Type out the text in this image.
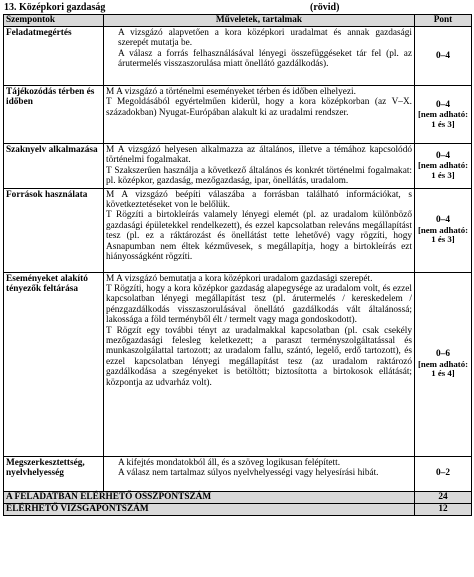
13. Középkori gazdaság	(rövid)
Szempontok	Műveletek, tartalmak	Pont
Feladatmegértés	A vizsgázó alapvetően a kora középkori uradalmat és annak gazdasági szerepét mutatja be.
A válasz a forrás felhasználásával lényegi összefüggéseket tár fel (pl. az árutermelés visszaszorulása miatt önellátó gazdálkodás).	0–4

Tájékozódás térben és időben	M A vizsgázó a történelmi eseményeket térben és időben elhelyezi.
T Megoldásából egyértelműen kiderül, hogy a kora középkorban (az V–X. századokban) Nyugat-Európában alakult ki az uradalmi rendszer.	0–4
[nem adható: 1 és 3]

Szaknyelv alkalmazása	M A vizsgázó helyesen alkalmazza az általános, illetve a témához kapcsolódó történelmi fogalmakat.
T Szakszerűen használja a következő általános és konkrét történelmi fogalmakat: pl. középkor, gazdaság, mezőgazdaság, ipar, önellátás, uradalom.	0–4
[nem adható: 1 és 3]

Források használata	M A vizsgázó beépíti válaszába a forrásban található információkat, s következtetéseket von le belőlük.
T Rögzíti a birtokleírás valamely lényegi elemét (pl. az uradalom különböző gazdasági épületekkel rendelkezett), és ezzel kapcsolatban releváns megállapítást tesz (pl. ez a ráktározást és önellátást tette lehetővé) vagy rögzíti, hogy Asnapumban nem éltek kézművesek, s megállapítja, hogy a birtokleírás ezt hiányosságként rögzíti.	0–4
[nem adható: 1 és 3]

Eseményeket alakító tényezők feltárása	M A vizsgázó bemutatja a kora középkori uradalom gazdasági szerepét.
T Rögzíti, hogy a kora középkor gazdaság alapegysége az uradalom volt, és ezzel kapcsolatban lényegi megállapítást tesz (pl. árutermelés / kereskedelem / pénzgazdálkodás visszaszorulásával önellátó gazdálkodás vált általánossá; lakossága a föld terményből élt / termelt vagy maga gondoskodott).
T Rögzít egy további tényt az uradalmakkal kapcsolatban (pl. csak csekély mezőgazdasági felesleg keletkezett; a paraszt terményszolgáltatással és munkaszolgálattal tartozott; az uradalom fallu, szántó, legelő, erdő tartozott), és ezzel kapcsolatban lényegi megállapítást tesz (az uradalom raktározó gazdálkodása a szegényeket is betöltött; biztosította a birtokosok ellátását; központja az udvarház volt).	0–6
[nem adható: 1 és 4]

Megszerkesztettség, nyelvhelyesség	A kifejtés mondatokból áll, és a szöveg logikusan felépített.
A válasz nem tartalmaz súlyos nyelvhelyességi vagy helyesírási hibát.	0–2

A FELADATBAN ELÉRHETŐ ÖSSZPONTSZÁM		24
ELÉRHETŐ VIZSGAPONTSZÁM		12
